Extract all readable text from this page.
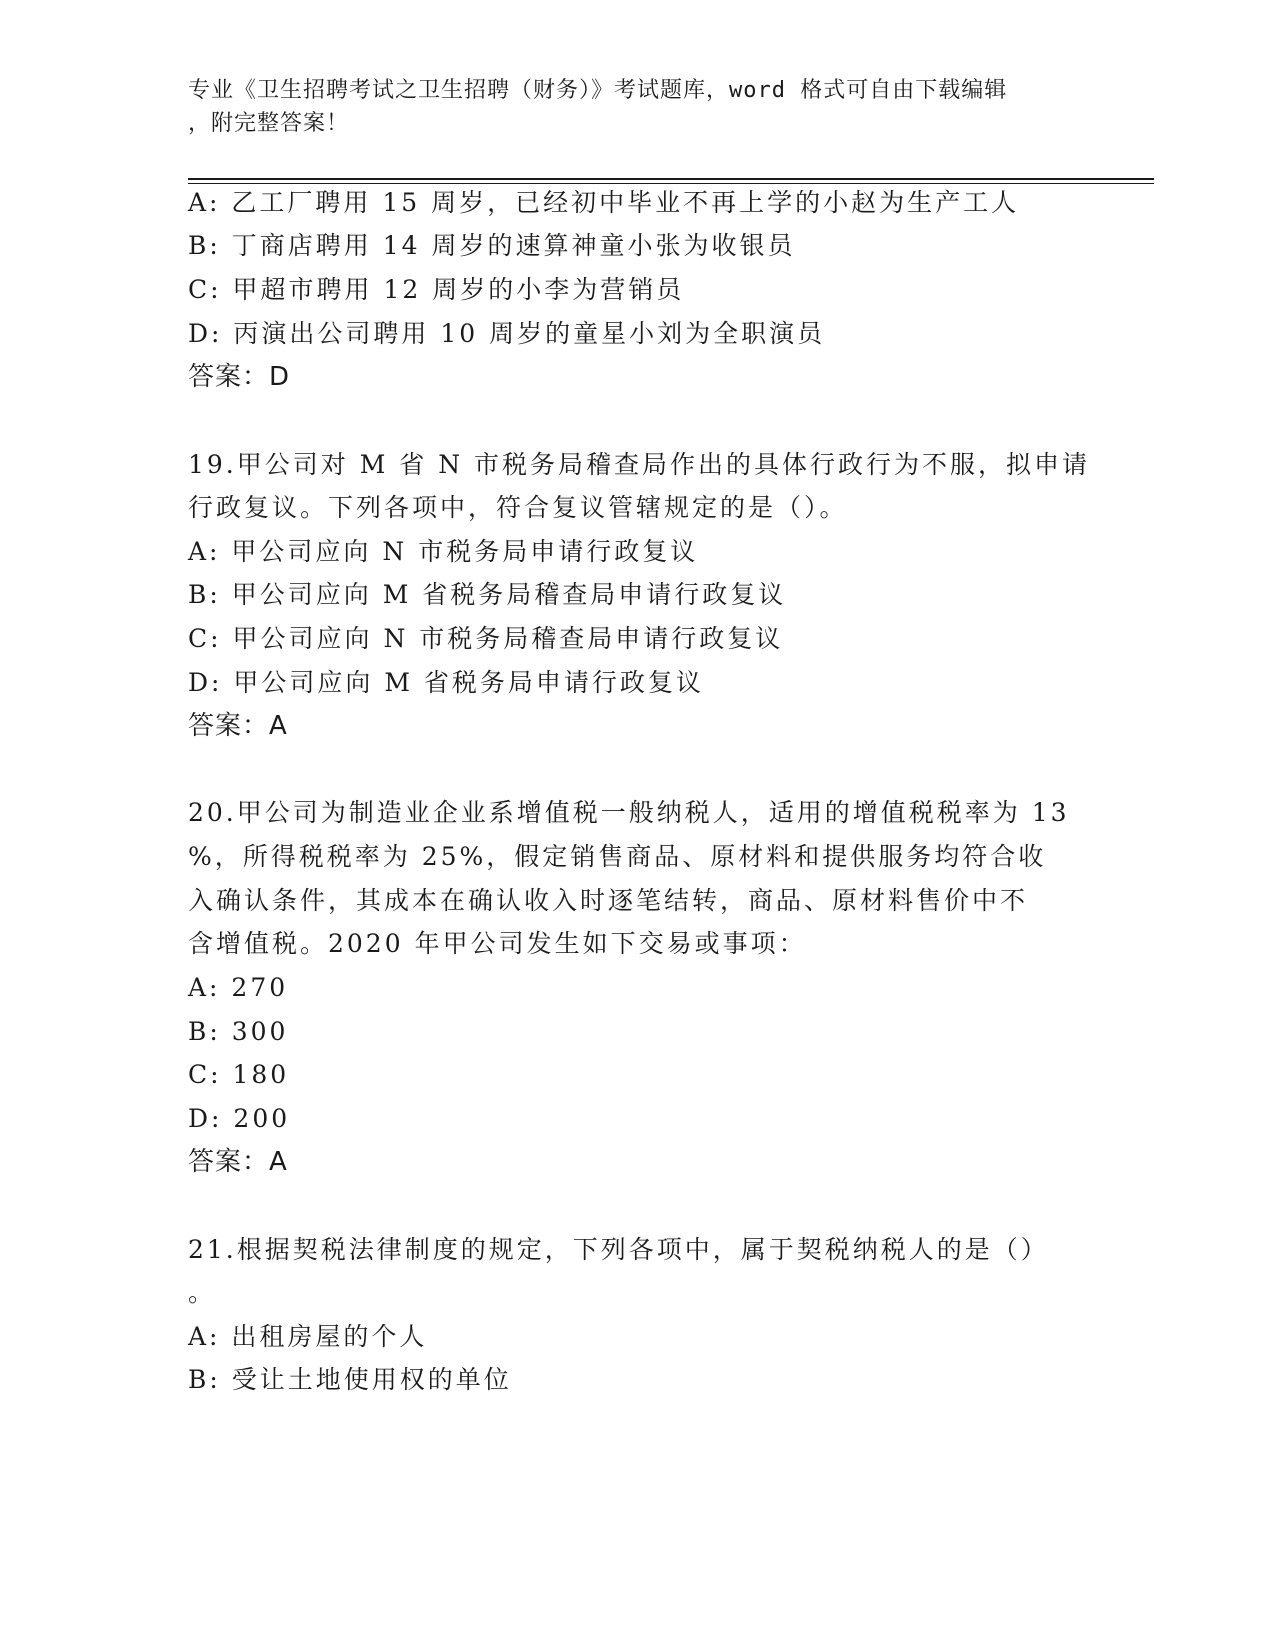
专业《卫生招聘考试之卫生招聘（财务）》考试题库，word 格式可自由下载编辑
，附完整答案！
A: 乙工厂聘用 15 周岁，已经初中毕业不再上学的小赵为生产工人
B: 丁商店聘用 14 周岁的速算神童小张为收银员
C: 甲超市聘用 12 周岁的小李为营销员
D: 丙演出公司聘用 10 周岁的童星小刘为全职演员
答案：D
19.甲公司对 M 省 N 市税务局稽查局作出的具体行政行为不服，拟申请
行政复议。下列各项中，符合复议管辖规定的是（）。
A: 甲公司应向 N 市税务局申请行政复议
B: 甲公司应向 M 省税务局稽查局申请行政复议
C: 甲公司应向 N 市税务局稽查局申请行政复议
D: 甲公司应向 M 省税务局申请行政复议
答案：A
20.甲公司为制造业企业系增值税一般纳税人，适用的增值税税率为 13
%，所得税税率为 25%，假定销售商品、原材料和提供服务均符合收
入确认条件，其成本在确认收入时逐笔结转，商品、原材料售价中不
含增值税。2020 年甲公司发生如下交易或事项：
A: 270
B: 300
C: 180
D: 200
答案：A
21.根据契税法律制度的规定，下列各项中，属于契税纳税人的是（）
。
A: 出租房屋的个人
B: 受让土地使用权的单位
